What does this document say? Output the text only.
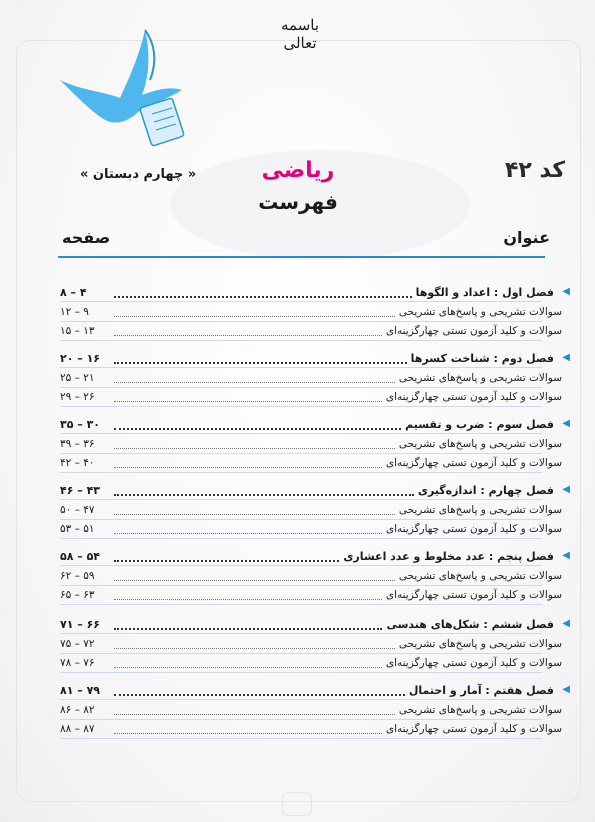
باسمه تعالی
کد ۴۲
« چهارم دبستان »	ریاضی
فهرست
عنوان
صفحه
◀
فصل اول : اعداد و الگوها
۸ – ۴
سوالات تشریحی و پاسخ‌های تشریحی
۱۲ – ۹
سوالات و کلید آزمون تستی چهارگزینه‌ای
۱۵ – ۱۳
◀
فصل دوم : شناخت کسرها
۲۰ – ۱۶
سوالات تشریحی و پاسخ‌های تشریحی
۲۵ – ۲۱
سوالات و کلید آزمون تستی چهارگزینه‌ای
۲۹ – ۲۶
◀
فصل سوم : ضرب و تقسیم
۳۵ – ۳۰
سوالات تشریحی و پاسخ‌های تشریحی
۳۹ – ۳۶
سوالات و کلید آزمون تستی چهارگزینه‌ای
۴۲ – ۴۰
◀
فصل چهارم : اندازه‌گیری
۴۶ – ۴۳
سوالات تشریحی و پاسخ‌های تشریحی
۵۰ – ۴۷
سوالات و کلید آزمون تستی چهارگزینه‌ای
۵۳ – ۵۱
◀
فصل پنجم : عدد مخلوط و عدد اعشاری
۵۸ – ۵۴
سوالات تشریحی و پاسخ‌های تشریحی
۶۲ – ۵۹
سوالات و کلید آزمون تستی چهارگزینه‌ای
۶۵ – ۶۳
◀
فصل ششم : شکل‌های هندسی
۷۱ – ۶۶
سوالات تشریحی و پاسخ‌های تشریحی
۷۵ – ۷۲
سوالات و کلید آزمون تستی چهارگزینه‌ای
۷۸ – ۷۶
◀
فصل هفتم : آمار و احتمال
۸۱ – ۷۹
سوالات تشریحی و پاسخ‌های تشریحی
۸۶ – ۸۲
سوالات و کلید آزمون تستی چهارگزینه‌ای
۸۸ – ۸۷
